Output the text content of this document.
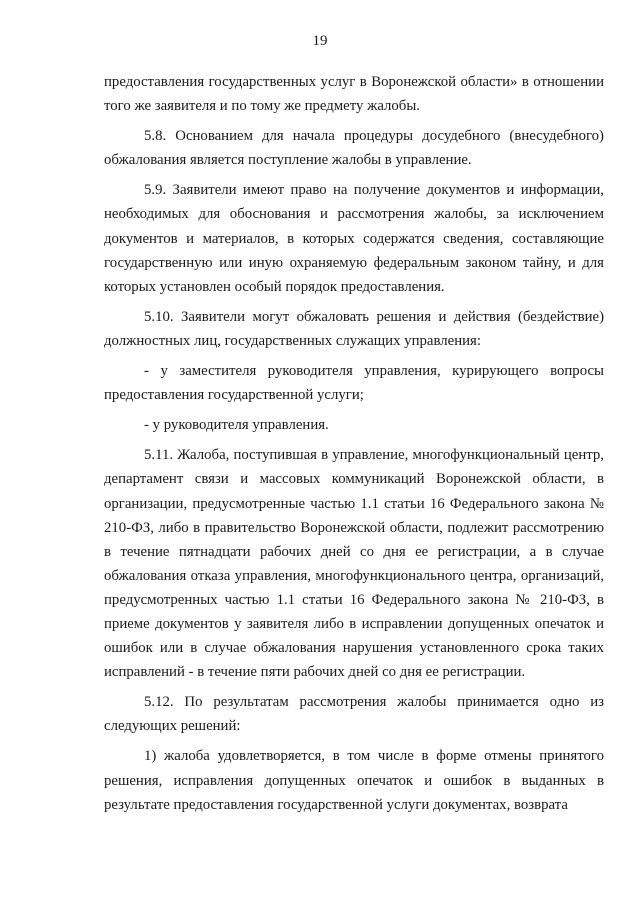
19

предоставления государственных услуг в Воронежской области» в отношении того же заявителя и по тому же предмету жалобы.

5.8. Основанием для начала процедуры досудебного (внесудебного) обжалования является поступление жалобы в управление.

5.9. Заявители имеют право на получение документов и информации, необходимых для обоснования и рассмотрения жалобы, за исключением документов и материалов, в которых содержатся сведения, составляющие государственную или иную охраняемую федеральным законом тайну, и для которых установлен особый порядок предоставления.

5.10. Заявители могут обжаловать решения и действия (бездействие) должностных лиц, государственных служащих управления:

- у заместителя руководителя управления, курирующего вопросы предоставления государственной услуги;

- у руководителя управления.

5.11. Жалоба, поступившая в управление, многофункциональный центр, департамент связи и массовых коммуникаций Воронежской области, в организации, предусмотренные частью 1.1 статьи 16 Федерального закона № 210-ФЗ, либо в правительство Воронежской области, подлежит рассмотрению в течение пятнадцати рабочих дней со дня ее регистрации, а в случае обжалования отказа управления, многофункционального центра, организаций, предусмотренных частью 1.1 статьи 16 Федерального закона № 210-ФЗ, в приеме документов у заявителя либо в исправлении допущенных опечаток и ошибок или в случае обжалования нарушения установленного срока таких исправлений - в течение пяти рабочих дней со дня ее регистрации.

5.12. По результатам рассмотрения жалобы принимается одно из следующих решений:

1) жалоба удовлетворяется, в том числе в форме отмены принятого решения, исправления допущенных опечаток и ошибок в выданных в результате предоставления государственной услуги документах, возврата
